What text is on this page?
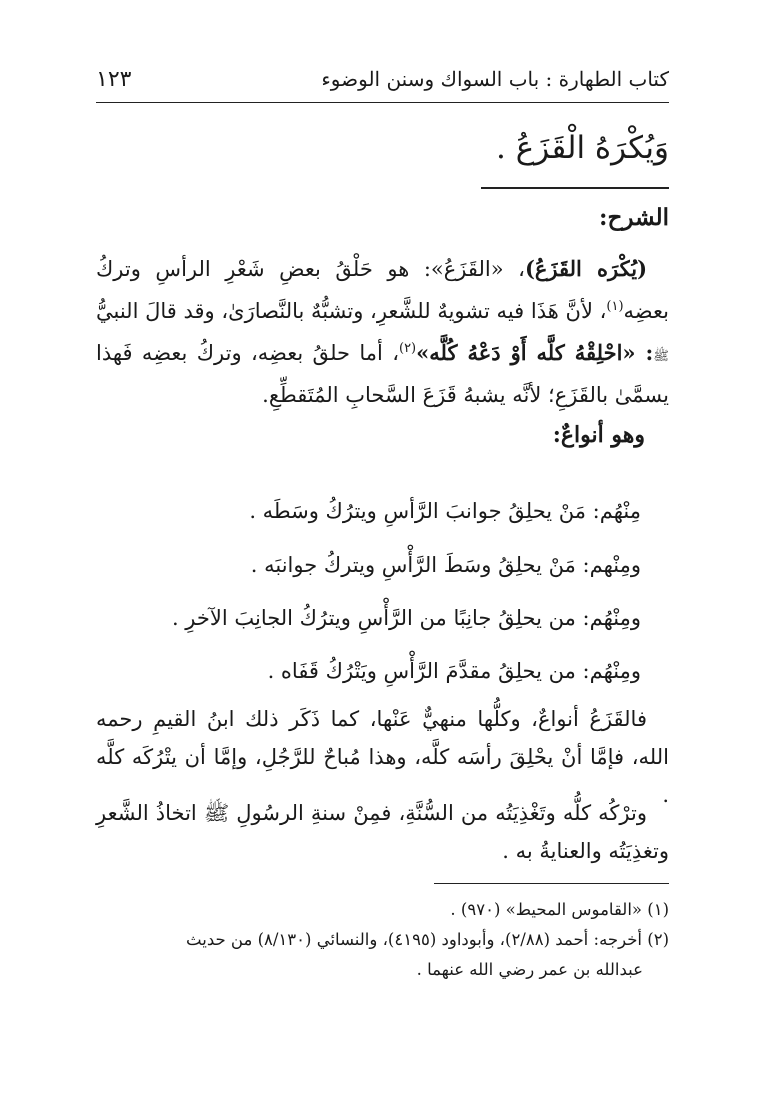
كتاب الطهارة : باب السواك وسنن الوضوء
١٢٣
وَيُكْرَهُ الْقَزَعُ .
الشرح:
(يُكْرَه القَزَعُ)، «القَزَعُ»: هو حَلْقُ بعضِ شَعْرِ الرأسِ وتركُ بعضِه$^{(١)}$، لأنَّ هَذَا فيه تشويهٌ للشَّعرِ، وتشبُّهٌ بالنَّصارَىٰ، وقد قالَ النبيُّ ﷺ: «احْلِقْهُ كلَّه أَوْ دَعْهُ كُلَّه»$^{(٢)}$، أما حلقُ بعضِه، وتركُ بعضِه فَهذا يسمَّىٰ بالقَزَعِ؛ لأنَّه يشبهُ قَزَعَ السَّحابِ المُتَقطِّعِ.
وهو أنواعٌ:
مِنْهُم: مَنْ يحلِقُ جوانبَ الرَّأسِ ويترُكُ وسَطَه .
ومِنْهم: مَنْ يحلِقُ وسَطَ الرَّأْسِ ويتركُ جوانبَه .
ومِنْهُم: من يحلِقُ جانِبًا من الرَّأْسِ ويترُكُ الجانِبَ الآخرِ .
ومِنْهُم: من يحلِقُ مقدَّمَ الرَّأْسِ ويَتْرُكُ قَفَاه .
فالقَزَعُ أنواعٌ، وكلُّها منهيٌّ عَنْها، كما ذَكَر ذلك ابنُ القيمِ رحمه الله، فإمَّا أنْ يحْلِقَ رأسَه كلَّه، وهذا مُباحٌ للرَّجُلِ، وإمَّا أن يتْرُكَه كلَّه .
وترْكُه كلُّه وتَغْذِيَتُه من السُّنَّةِ، فمِنْ سنةِ الرسُولِ ﷺ اتخاذُ الشَّعرِ وتغذِيَتُه والعنايةُ به .

(١) «القاموس المحيط» (٩٧٠) .

(٢) أخرجه: أحمد (٢/٨٨)، وأبوداود (٤١٩٥)، والنسائي (٨/١٣٠) من حديث

عبدالله بن عمر رضي الله عنهما .
